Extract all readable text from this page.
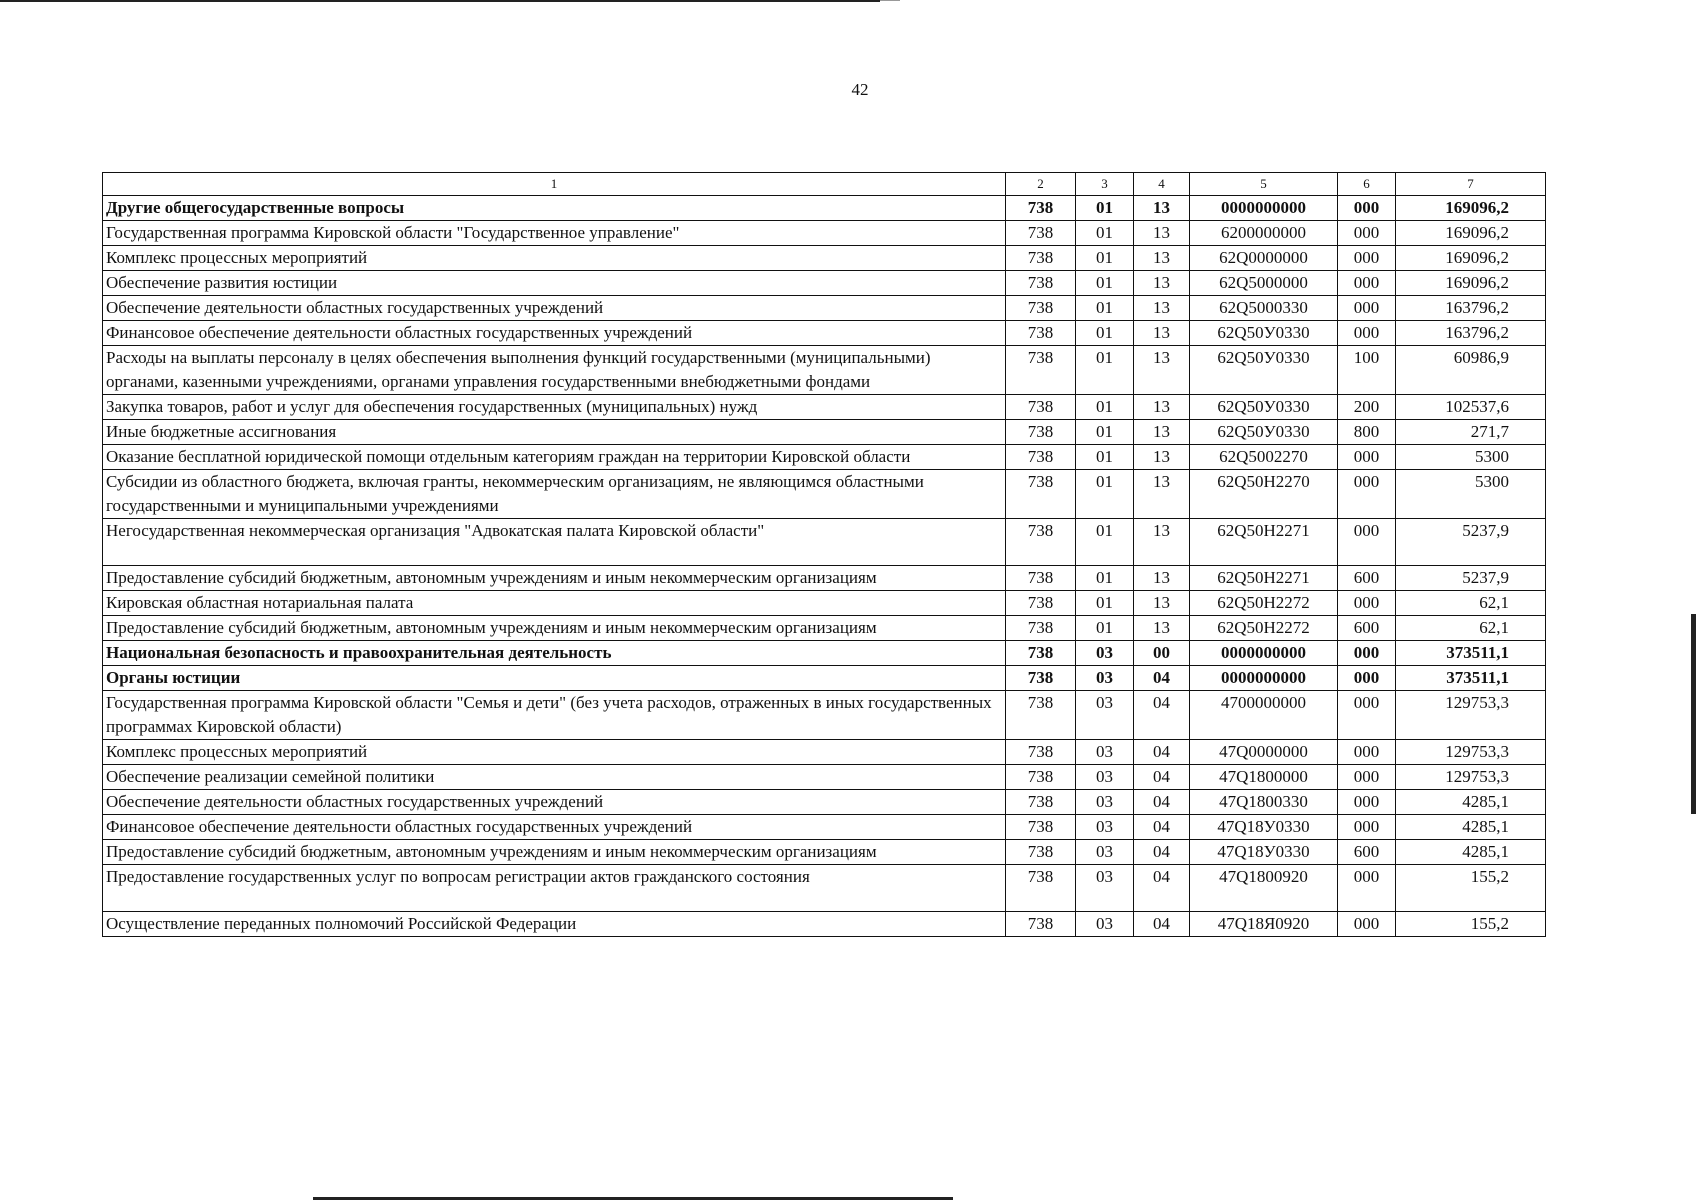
42
1	2	3	4	5	6	7
Другие общегосударственные вопросы	738	01	13	0000000000	000	169096,2
Государственная программа Кировской области "Государственное управление"	738	01	13	6200000000	000	169096,2
Комплекс процессных мероприятий	738	01	13	62Q0000000	000	169096,2
Обеспечение развития юстиции	738	01	13	62Q5000000	000	169096,2
Обеспечение деятельности областных государственных учреждений	738	01	13	62Q5000330	000	163796,2
Финансовое обеспечение деятельности областных государственных учреждений	738	01	13	62Q50У0330	000	163796,2
Расходы на выплаты персоналу в целях обеспечения выполнения функций государственными (муниципальными) органами, казенными учреждениями, органами управления государственными внебюджетными фондами	738	01	13	62Q50У0330	100	60986,9
Закупка товаров, работ и услуг для обеспечения государственных (муниципальных) нужд	738	01	13	62Q50У0330	200	102537,6
Иные бюджетные ассигнования	738	01	13	62Q50У0330	800	271,7
Оказание бесплатной юридической помощи отдельным категориям граждан на территории Кировской области	738	01	13	62Q5002270	000	5300
Субсидии из областного бюджета, включая гранты, некоммерческим организациям, не являющимся областными государственными и муниципальными учреждениями	738	01	13	62Q50Н2270	000	5300
Негосударственная некоммерческая организация "Адвокатская палата Кировской области"	738	01	13	62Q50Н2271	000	5237,9
Предоставление субсидий бюджетным, автономным учреждениям и иным некоммерческим организациям	738	01	13	62Q50Н2271	600	5237,9
Кировская областная нотариальная палата	738	01	13	62Q50Н2272	000	62,1
Предоставление субсидий бюджетным, автономным учреждениям и иным некоммерческим организациям	738	01	13	62Q50Н2272	600	62,1
Национальная безопасность и правоохранительная деятельность	738	03	00	0000000000	000	373511,1
Органы юстиции	738	03	04	0000000000	000	373511,1
Государственная программа Кировской области "Семья и дети" (без учета расходов, отраженных в иных государственных программах Кировской области)	738	03	04	4700000000	000	129753,3
Комплекс процессных мероприятий	738	03	04	47Q0000000	000	129753,3
Обеспечение реализации семейной политики	738	03	04	47Q1800000	000	129753,3
Обеспечение деятельности областных государственных учреждений	738	03	04	47Q1800330	000	4285,1
Финансовое обеспечение деятельности областных государственных учреждений	738	03	04	47Q18У0330	000	4285,1
Предоставление субсидий бюджетным, автономным учреждениям и иным некоммерческим организациям	738	03	04	47Q18У0330	600	4285,1
Предоставление государственных услуг по вопросам регистрации актов гражданского состояния	738	03	04	47Q1800920	000	155,2
Осуществление переданных полномочий Российской Федерации	738	03	04	47Q18Я0920	000	155,2
